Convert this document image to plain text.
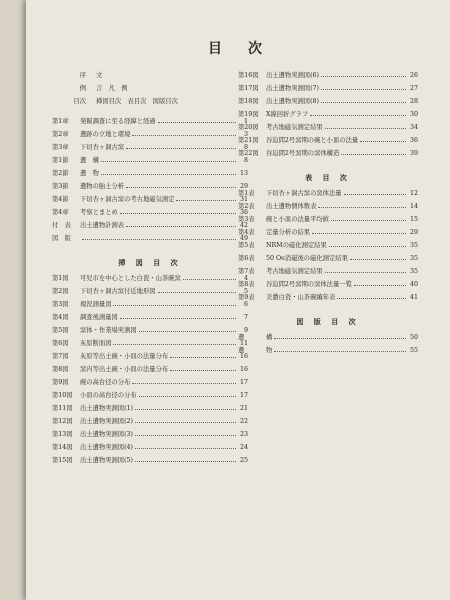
目　次
序 文
例 言　凡　例
目次 挿図目次　表目次　図版目次
第1章	発掘調査に至る経緯と経過	1
第2章	遺跡の立地と環境	3
第3章	下切杏ヶ洞古窯	8
第1節	遺　構	8
第2節	遺　物	13
第3節	遺物の胎土分析	29
第4節	下切杏ヶ洞古窯の考古地磁気測定	31
第4章	考察とまとめ	36
付　表	出土遺物計測表	42
図　版	49
挿 図 目 次
第1図	可児市を中心とした白瓷・山茶碗窯	4
第2図	下切杏ヶ洞古窯付近地形図	5
第3図	現況測量図	6
第4図	調査後測量図	7
第5図	窯体・作業場実測図	9
第6図	灰原断面図	11
第7図	灰原等出土碗・小皿の法量分布	16
第8図	窯内等出土碗・小皿の法量分布	16
第9図	碗の高台径の分布	17
第10図	小皿の高台径の分布	17
第11図	出土遺物実測図(1)	21
第12図	出土遺物実測図(2)	22
第13図	出土遺物実測図(3)	23
第14図	出土遺物実測図(4)	24
第15図	出土遺物実測図(5)	25
第16図	出土遺物実測図(6)	26
第17図	出土遺物実測図(7)	27
第18図	出土遺物実測図(8)	28
第19図	X線回折グラフ	30
第20図	考古地磁気測定結果	34
第21図	谷迫間2号窯期の碗と小皿の法量	36
第22図	谷迫間2号窯期の窯体構造	39
表 目 次
第1表	下切杏ヶ洞古窯の窯体法量	12
第2表	出土遺物個体数表	14
第3表	碗と小皿の法量平均値	15
第4表	定量分析の結果	29
第5表	NRMの磁化測定結果	35
第6表	50 Oe消磁後の磁化測定結果	35
第7表	考古地磁気測定結果	35
第8表	谷迫間2号窯期の窯体法量一覧	40
第9表	美濃白瓷・山茶碗編年表	41
図 版 目 次
遺	構	50
遺	物	55
